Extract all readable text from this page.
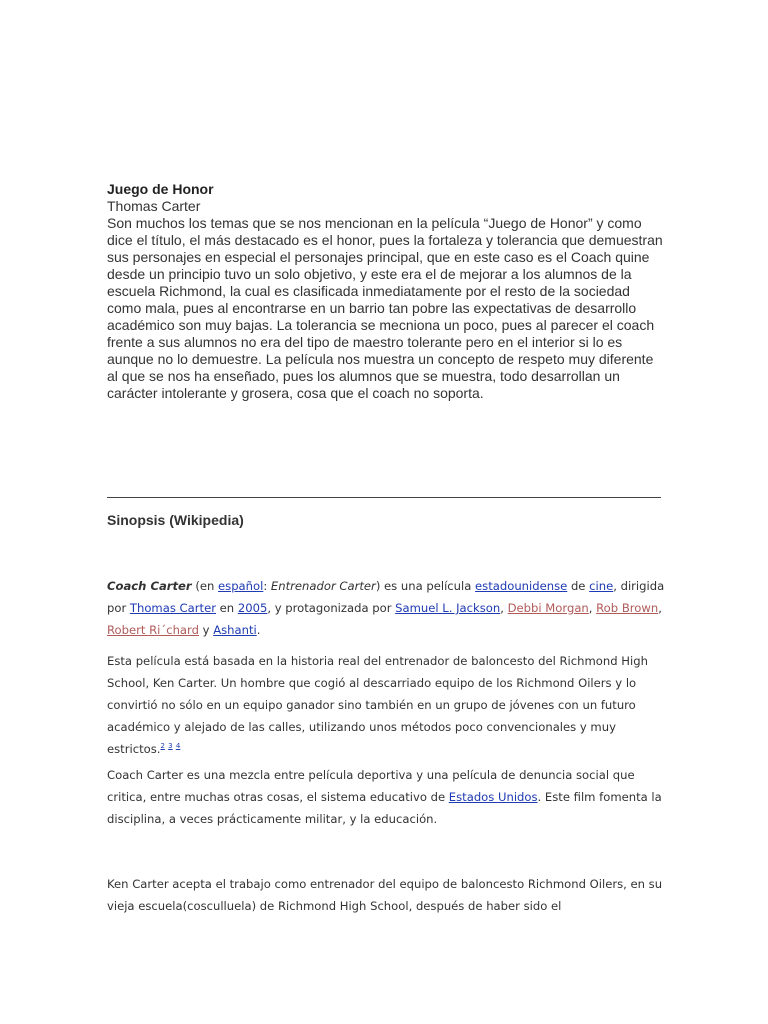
Juego de Honor
Thomas Carter

Son muchos los temas que se nos mencionan en la película “Juego de Honor” y como dice el título, el más destacado es el honor, pues la fortaleza y tolerancia que demuestran sus personajes en especial el personajes principal, que en este caso es el Coach quine desde un principio tuvo un solo objetivo, y este era el de mejorar a los alumnos de la escuela Richmond, la cual es clasificada inmediatamente por el resto de la sociedad como mala, pues al encontrarse en un barrio tan pobre las expectativas de desarrollo académico son muy bajas. La tolerancia se mecniona un poco, pues al parecer el coach frente a sus alumnos no era del tipo de maestro tolerante pero en el interior si lo es aunque no lo demuestre. La película nos muestra un concepto de respeto muy diferente al que se nos ha enseñado, pues los alumnos que se muestra, todo desarrollan un carácter intolerante y grosera, cosa que el coach no soporta.

Sinopsis (Wikipedia)

Coach Carter (en español: Entrenador Carter) es una película estadounidense de cine, dirigida por Thomas Carter en 2005, y protagonizada por Samuel L. Jackson, Debbi Morgan, Rob Brown, Robert Ri´chard y Ashanti.

Esta película está basada en la historia real del entrenador de baloncesto del Richmond High School, Ken Carter. Un hombre que cogió al descarriado equipo de los Richmond Oilers y lo convirtió no sólo en un equipo ganador sino también en un grupo de jóvenes con un futuro académico y alejado de las calles, utilizando unos métodos poco convencionales y muy estrictos.$^{2 3 4}$

Coach Carter es una mezcla entre película deportiva y una película de denuncia social que critica, entre muchas otras cosas, el sistema educativo de Estados Unidos. Este film fomenta la disciplina, a veces prácticamente militar, y la educación.

Ken Carter acepta el trabajo como entrenador del equipo de baloncesto Richmond Oilers, en su vieja escuela(cosculluela) de Richmond High School, después de haber sido el
